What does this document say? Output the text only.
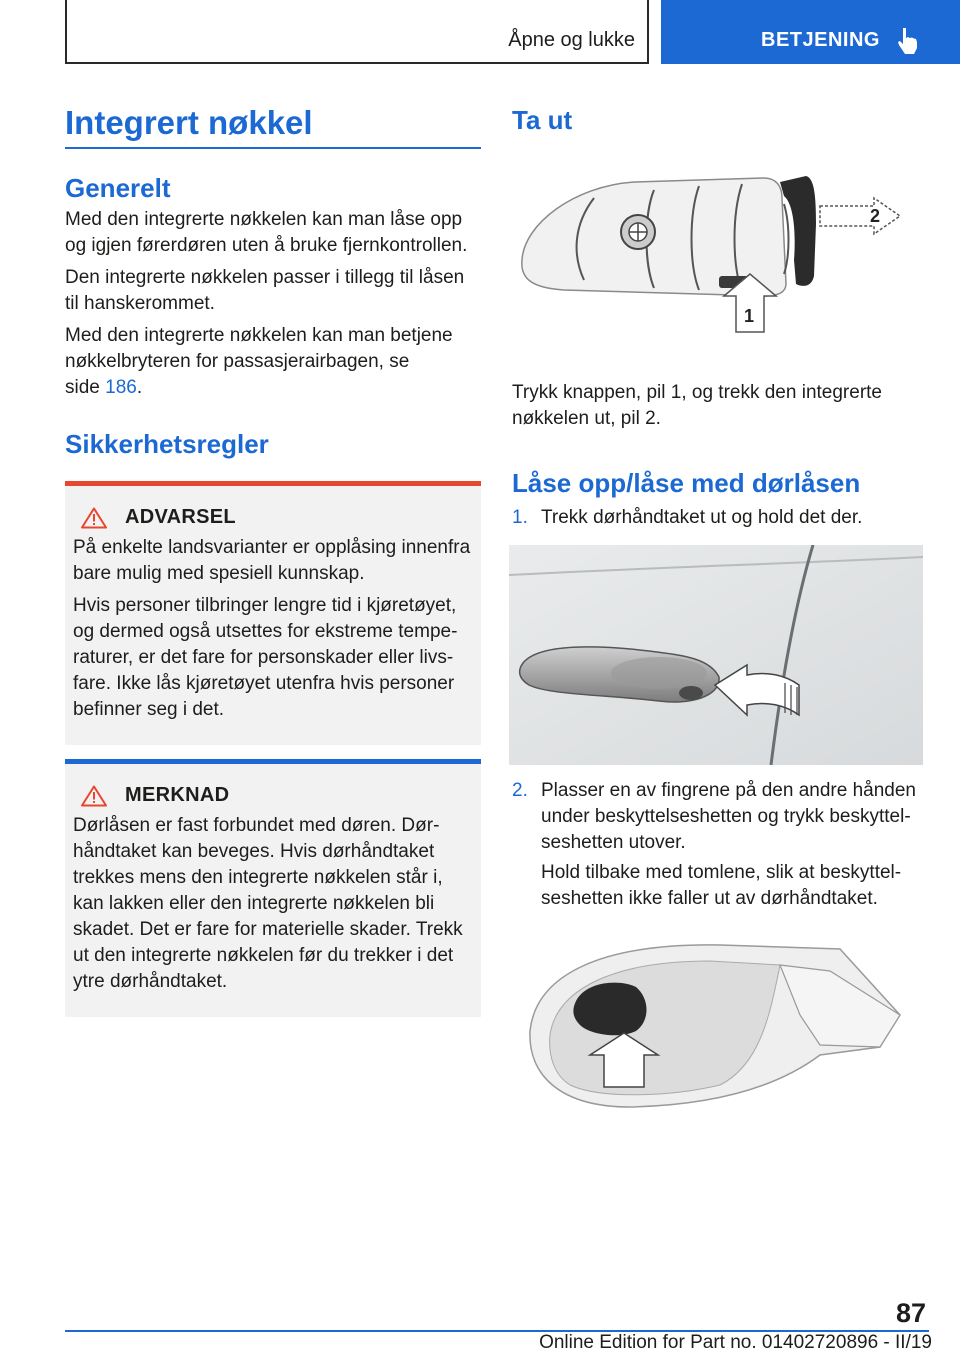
Åpne og lukke	BETJENING
Integrert nøkkel
Generelt

Med den integrerte nøkkelen kan man låse opp og igjen førerdøren uten å bruke fjernkontrollen.

Den integrerte nøkkelen passer i tillegg til låsen til hanskerommet.

Med den integrerte nøkkelen kan man betjene nøkkelbryteren for passasjerairbagen, se side 186.

Sikkerhetsregler
ADVARSEL

På enkelte landsvarianter er opplåsing innenfra bare mulig med spesiell kunnskap.

Hvis personer tilbringer lengre tid i kjøretøyet, og dermed også utsettes for ekstreme temperaturer, er det fare for personskader eller livsfare. Ikke lås kjøretøyet utenfra hvis personer befinner seg i det.

MERKNAD

Dørlåsen er fast forbundet med døren. Dørhåndtaket kan beveges. Hvis dørhåndtaket trekkes mens den integrerte nøkkelen står i, kan lakken eller den integrerte nøkkelen bli skadet. Det er fare for materielle skader. Trekk ut den integrerte nøkkelen før du trekker i det ytre dørhåndtaket.

Ta ut
2
1

Trykk knappen, pil 1, og trekk den integrerte nøkkelen ut, pil 2.

Låse opp/låse med dørlåsen
1. Trekk dørhåndtaket ut og hold det der.
2. Plasser en av fingrene på den andre hånden under beskyttelseshetten og trykk beskyttelseshetten utover.

Hold tilbake med tomlene, slik at beskyttelseshetten ikke faller ut av dørhåndtaket.

87
Online Edition for Part no. 01402720896 - II/19
